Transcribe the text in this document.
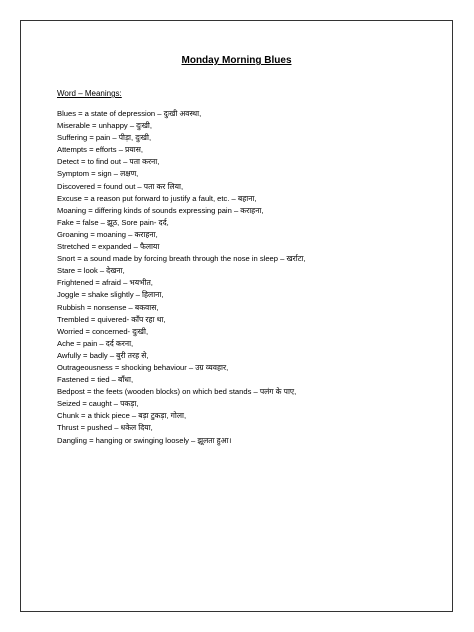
Monday Morning Blues

Word – Meanings:

Blues = a state of depression – दुःखी अवस्था,
Miserable = unhappy – दुःखी,
Suffering = pain – पीड़ा, दुःखी,
Attempts = efforts – प्रयास,
Detect = to find out – पता करना,
Symptom = sign – लक्षण,
Discovered = found out – पता कर लिया,
Excuse = a reason put forward to justify a fault, etc. – बहाना,
Moaning = differing kinds of sounds expressing pain – कराहना,
Fake = false – झूठ, Sore pain- दर्द,
Groaning = moaning – कराहना,
Stretched = expanded – फैलाया
Snort = a sound made by forcing breath through the nose in sleep – खर्राटा,
Stare = look – देखना,
Frightened = afraid – भयभीत,
Joggle = shake slightly – हिलाना,
Rubbish = nonsense – बकवास,
Trembled = quivered- काँप रहा था,
Worried = concerned- दुःखी,
Ache = pain – दर्द करना,
Awfully = badly – बुरी तरह से,
Outrageousness = shocking behaviour – उग्र व्यवहार,
Fastened = tied – बाँधा,
Bedpost = the feets (wooden blocks) on which bed stands – पलंग के पाए,
Seized = caught – पकड़ा,
Chunk = a thick piece – बड़ा टुकड़ा, गोला,
Thrust = pushed – धकेल दिया,
Dangling = hanging or swinging loosely – झूलता हुआ।
